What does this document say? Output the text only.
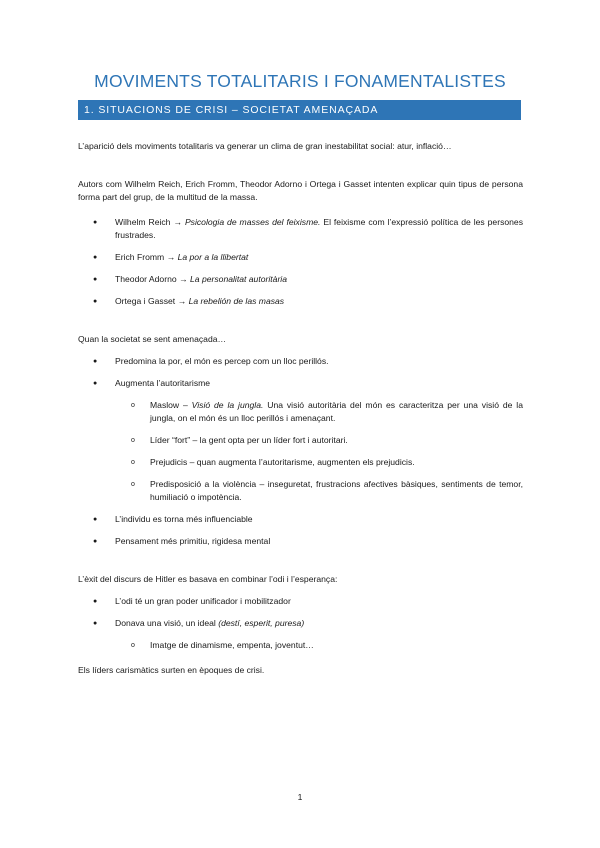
MOVIMENTS TOTALITARIS I FONAMENTALISTES
1. SITUACIONS DE CRISI – SOCIETAT AMENAÇADA
L’aparició dels moviments totalitaris va generar un clima de gran inestabilitat social: atur, inflació…
Autors com Wilhelm Reich, Erich Fromm, Theodor Adorno i Ortega i Gasset intenten explicar quin tipus de persona forma part del grup, de la multitud de la massa.
● Wilhelm Reich → Psicologia de masses del feixisme. El feixisme com l’expressió política de les persones frustrades.
● Erich Fromm → La por a la llibertat
● Theodor Adorno → La personalitat autoritària
● Ortega i Gasset → La rebelión de las masas
Quan la societat se sent amenaçada…
● Predomina la por, el món es percep com un lloc perillós.
● Augmenta l’autoritarisme
o Maslow – Visió de la jungla. Una visió autoritària del món es caracteritza per una visió de la jungla, on el món és un lloc perillós i amenaçant.
o Líder “fort” – la gent opta per un líder fort i autoritari.
o Prejudicis – quan augmenta l’autoritarisme, augmenten els prejudicis.
o Predisposició a la violència – inseguretat, frustracions afectives bàsiques, sentiments de temor, humiliació o impotència.
● L’individu es torna més influenciable
● Pensament més primitiu, rigidesa mental
L’èxit del discurs de Hitler es basava en combinar l’odi i l’esperança:
● L’odi té un gran poder unificador i mobilitzador
● Donava una visió, un ideal (destí, esperit, puresa)
o Imatge de dinamisme, empenta, joventut…
Els líders carismàtics surten en èpoques de crisi.
1
